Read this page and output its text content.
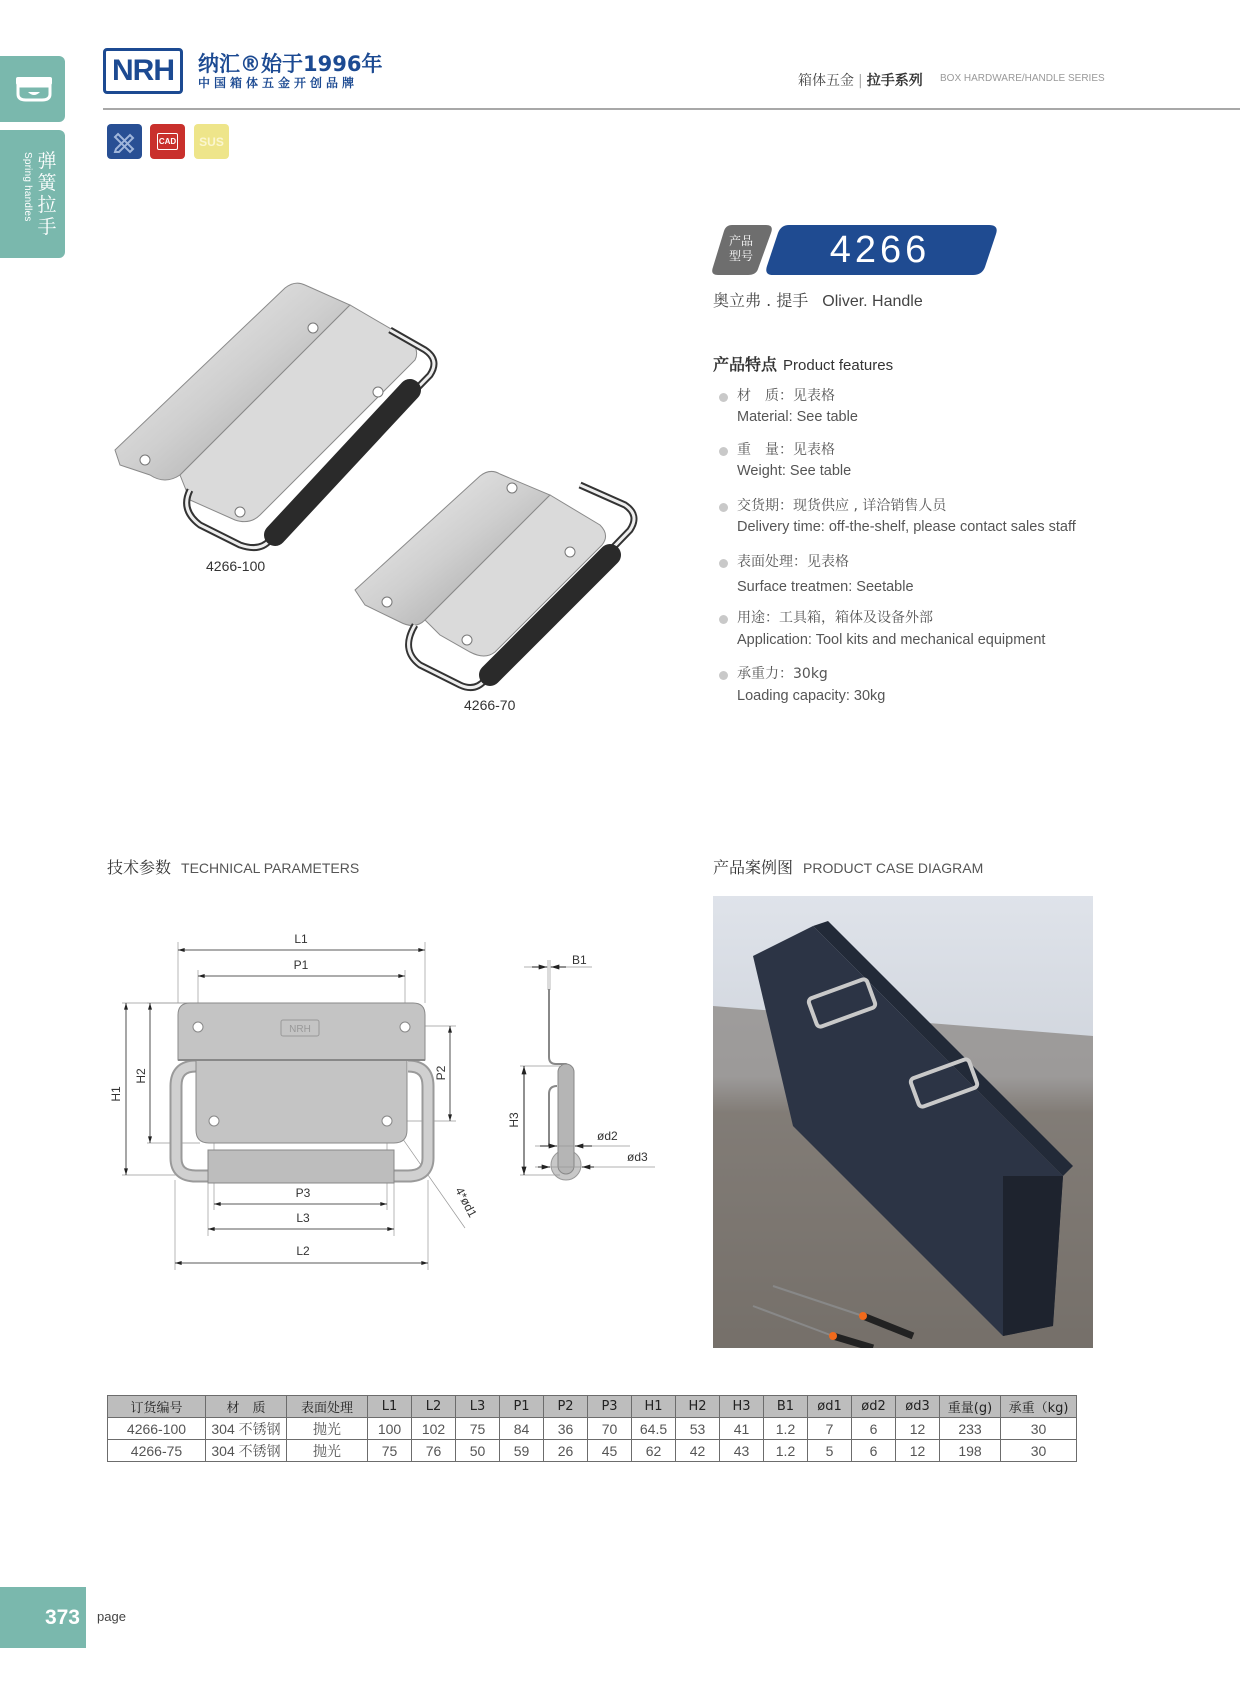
Spring handles 弹簧拉手
NRH	纳汇®始于1996年
中国箱体五金开创品牌	箱体五金 | 拉手系列 BOX HARDWARE/HANDLE SERIES
CAD	SUS
4266-100
4266-70
产品
型号	4266
奥立弗 . 提手 Oliver. Handle
产品特点 Product features
材　质：见表格
Material: See table
重　量：见表格
Weight: See table
交货期：现货供应 , 详洽销售人员
Delivery time: off-the-shelf, please contact sales staff
表面处理：见表格
Surface treatmen: Seetable
用途：工具箱，箱体及设备外部
Application: Tool kits and mechanical equipment
承重力：30kg
Loading capacity: 30kg
技术参数 TECHNICAL PARAMETERS
NRH
L1
P1
H1
H2	P2
P3
L3
L2
4*ød1
B1
H3
ød2
ød3
产品案例图 PRODUCT CASE DIAGRAM
订货编号	材　质	表面处理	L1	L2	L3	P1	P2	P3	H1	H2	H3	B1	ød1	ød2	ød3	重量(g)	承重（kg)
4266-100	304 不锈钢	抛光	100	102	75	84	36	70	64.5	53	41	1.2	7	6	12	233	30
4266-75	304 不锈钢	抛光	75	76	50	59	26	45	62	42	43	1.2	5	6	12	198	30
373	page
